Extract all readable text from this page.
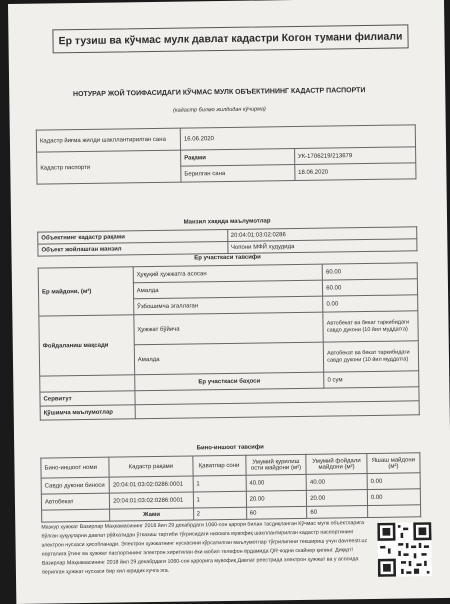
Ер тузиш ва кўчмас мулк давлат кадастри Когон тумани филиали
НОТУРАР ЖОЙ ТОИФАСИДАГИ КЎЧМАС МУЛК ОБЪЕКТИНИНГ КАДАСТР ПАСПОРТИ
(кадастр билмо жилдидан кўчирма)
Кадастр йиғма жилди шакллантирилган сана	16.06.2020	
Кадастр паспорти	Рақами	УК-1706219/213679
	Берилган сана	18.06.2020
Манзил хақида маълумотлар	
Объектнинг кадастр рақами	20:04:01:03:02:0286
Объект жойлашган манзил	Чопони МФЙ худудида
Ер участкаси тавсифи		
Ер майдони, (м²)	Ҳуқуқий ҳужжатга асосан	60.00
	Амалда	60.00
	Ўзбошимча эгаллаган	0.00
Фойдаланиш мақсади	Ҳужжат бўйича	Автобекат ва бекат таркибидаги савдо дукони (10 йил муддатга)
	Амалда	Автобекат ва бекат таркибидаги савдо дукони (10 йил муддатга)
	Ер участкаси баҳоси	0 сум
Сервитут		
Қўшимча маълумотлар		
Бино-иншоот тавсифи					
Бино-иншоот номи	Кадастр рақами	Қаватлар сони	Умумий қурилиш ости майдони (м²)	Умумий фойдали майдони (м²)	Яшаш майдони (м²)
Савдо дукони биноси	20:04:01:03:02:0286:0001	1	40.00	40.00	0.00
Автобекат	20:04:01:03:02:0286:0001	1	20.00	20.00	0.00
	Жами	2	60	60	
Мазкур ҳужжат Вазирлар Маҳкамасининг 2018 йил 29 декабрдаги 1060-сон қарори билан тасдиқланган Кўчмас мулк объектларига бўлган ҳуқуқларни давлат рўйхатидан ўтказиш тартиби тўғрисидаги низомга мувофиқ шакллантирилган кадастр паспортининг электрон нусхаси ҳисобланади. Электрон ҳужжатнинг нусхасини кўрсатилган маълумотлар тўғрилигини текшириш учун davreestr.uz порталига ўтинг ва ҳужжат паспортининг электрон хиритилан ёки мобил телефон ёрдамида QR-кодни скайнер қилинг. Диққат! Вазирлар Маҳкамасининг 2018 йил 29 декабрдаги 1060-сон қарорига мувофиқ Давлат реестрида электрон ҳужжат ва у асосида берилган ҳужжат нусхаси бир хил юридик кучга эга.
